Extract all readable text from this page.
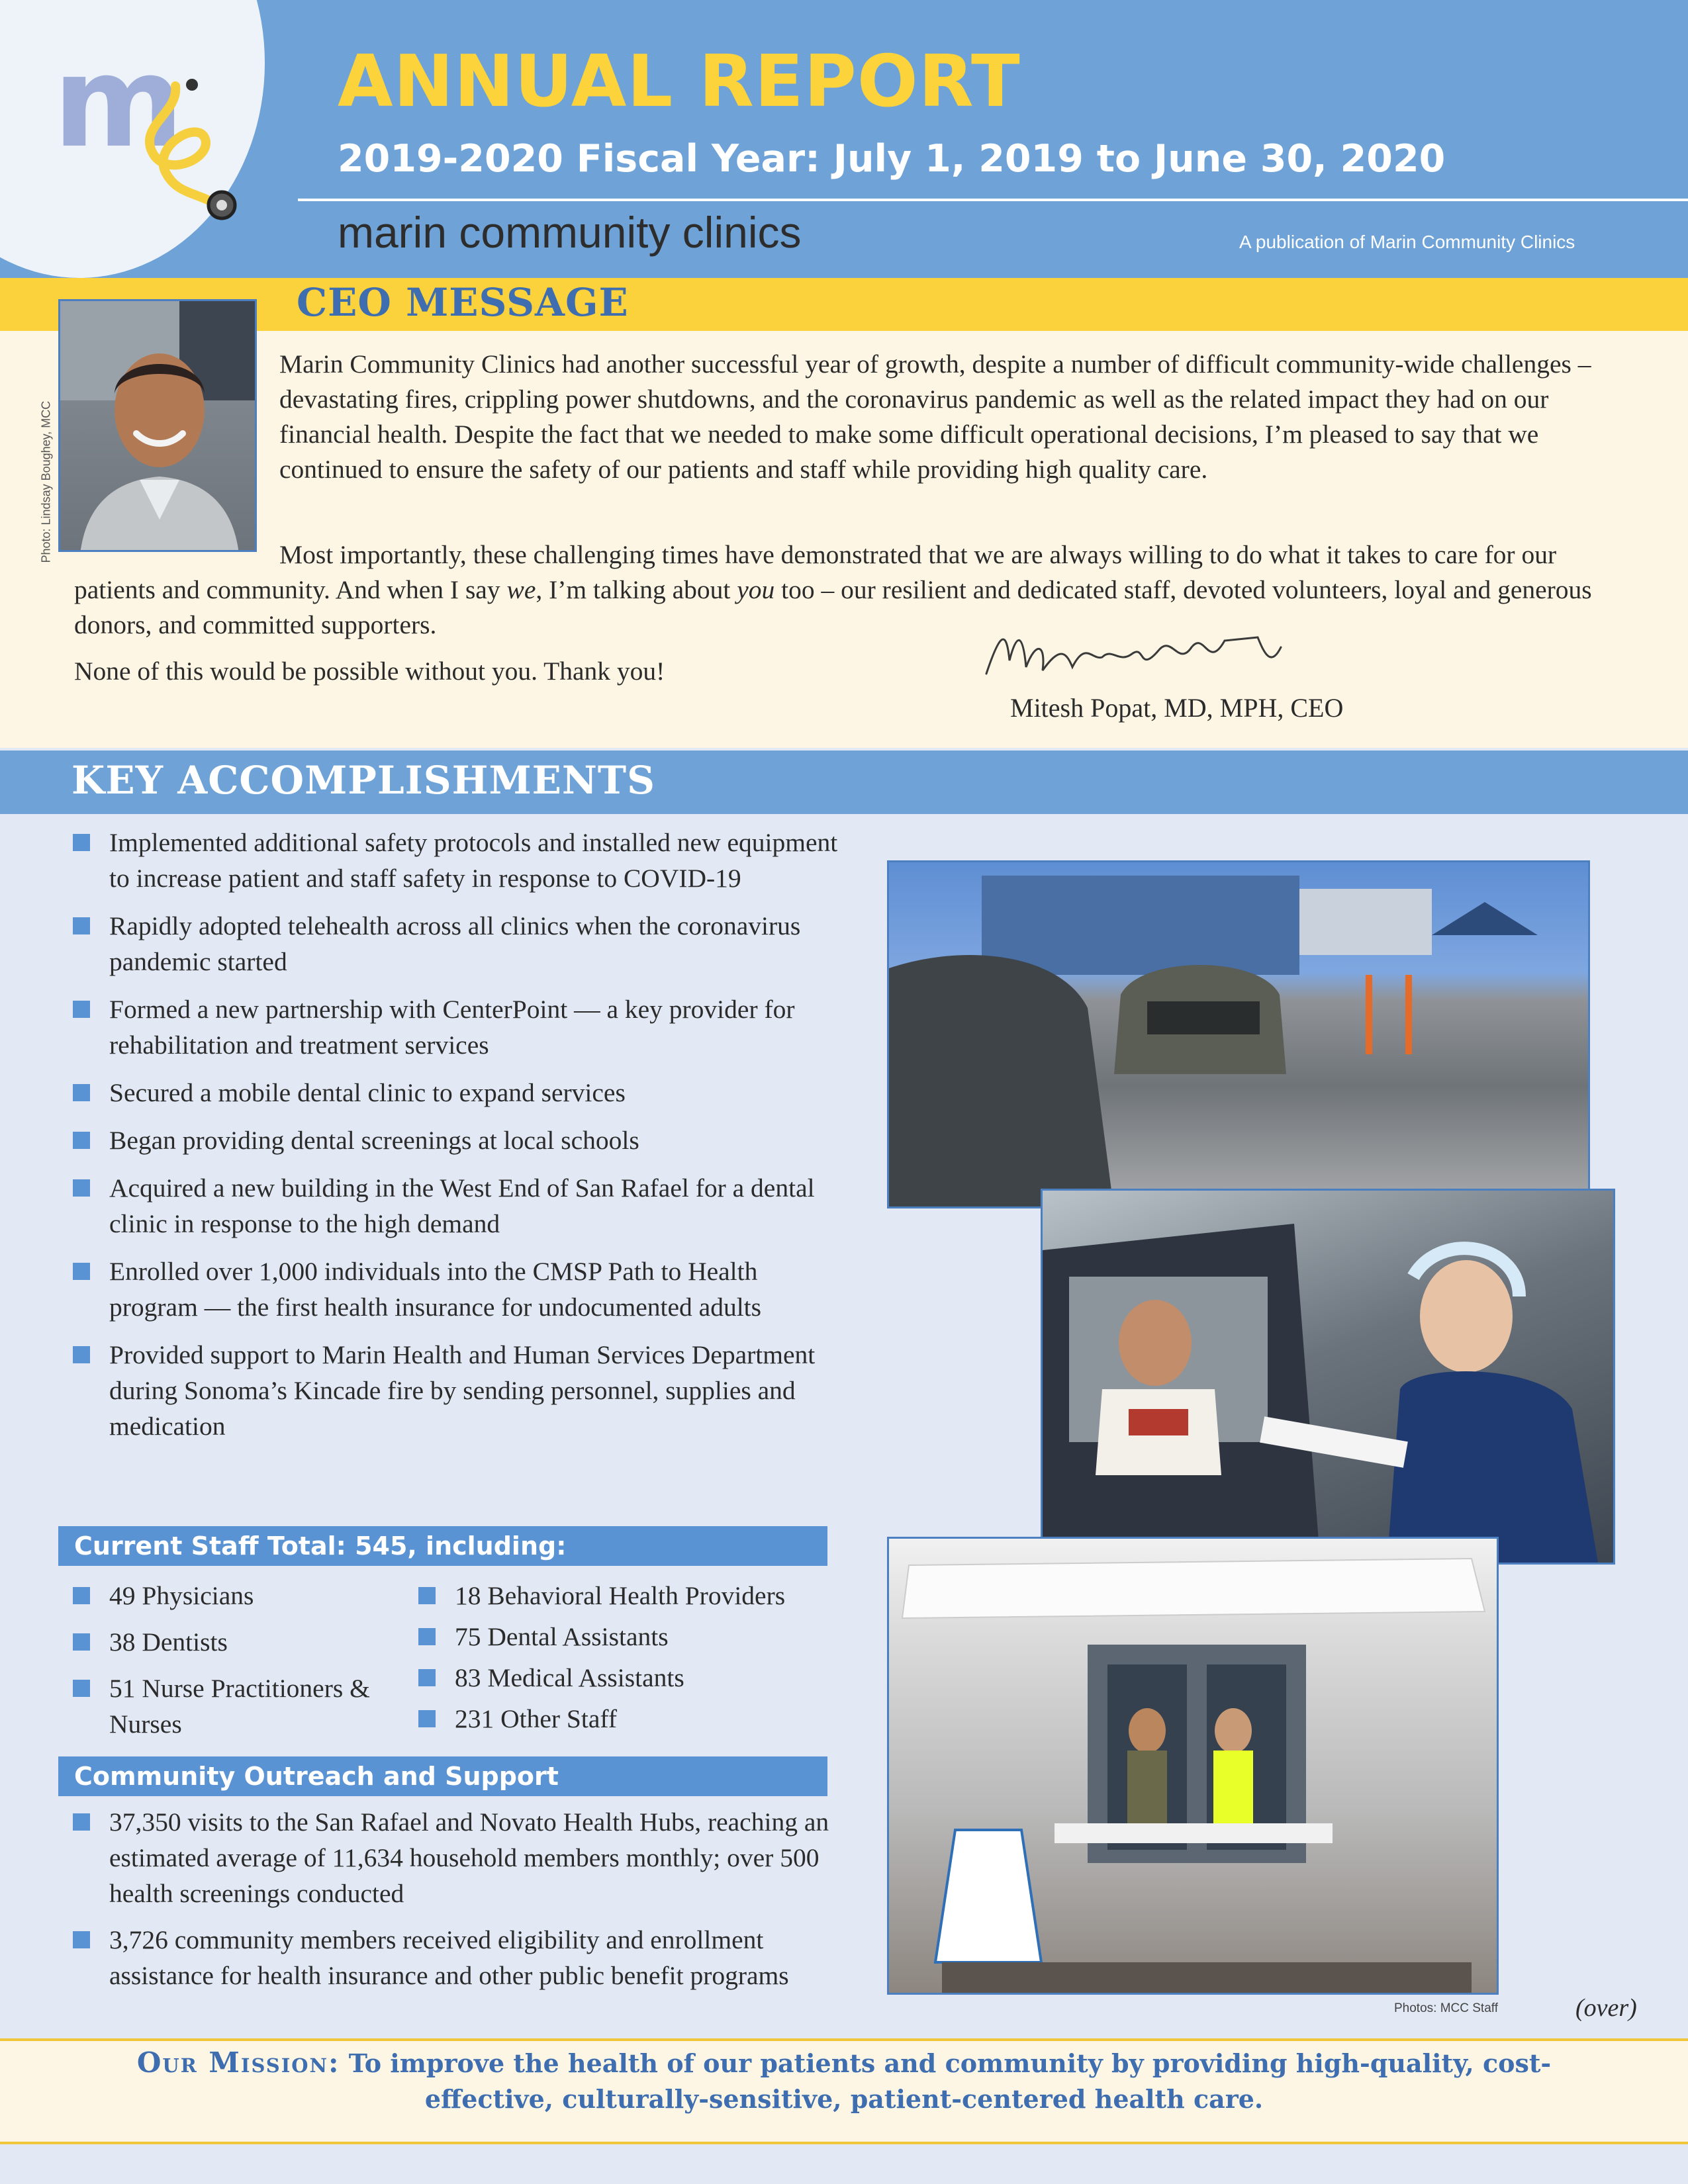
m ANNUAL REPORT
2019-2020 Fiscal Year: July 1, 2019 to June 30, 2020
marin community clinics	A publication of Marin Community Clinics
CEO MESSAGE
Photo: Lindsay Boughey, MCC

Marin Community Clinics had another successful year of growth, despite a number of difficult community-wide challenges – devastating fires, crippling power shutdowns, and the coronavirus pandemic as well as the related impact they had on our financial health. Despite the fact that we needed to make some difficult operational decisions, I’m pleased to say that we continued to ensure the safety of our patients and staff while providing high quality care.

Most importantly, these challenging times have demonstrated that we are always willing to do what it takes to care for our patients and community. And when I say we, I’m talking about you too – our resilient and dedicated staff, devoted volunteers, loyal and generous donors, and committed supporters.

None of this would be possible without you. Thank you!

Mitesh Popat, MD, MPH, CEO
KEY ACCOMPLISHMENTS
Implemented additional safety protocols and installed new equipment to increase patient and staff safety in response to COVID-19
Rapidly adopted telehealth across all clinics when the coronavirus pandemic started
Formed a new partnership with CenterPoint — a key provider for rehabilitation and treatment services
Secured a mobile dental clinic to expand services
Began providing dental screenings at local schools
Acquired a new building in the West End of San Rafael for a dental clinic in response to the high demand
Enrolled over 1,000 individuals into the CMSP Path to Health program — the first health insurance for undocumented adults
Provided support to Marin Health and Human Services Department during Sonoma’s Kincade fire by sending personnel, supplies and medication
Current Staff Total: 545, including:
49 Physicians
38 Dentists
51 Nurse Practitioners & Nurses
18 Behavioral Health Providers
75 Dental Assistants
83 Medical Assistants
231 Other Staff
Community Outreach and Support
37,350 visits to the San Rafael and Novato Health Hubs, reaching an estimated average of 11,634 household members monthly; over 500 health screenings conducted
3,726 community members received eligibility and enrollment assistance for health insurance and other public benefit programs
Photos: MCC Staff	(over)
Our Mission: To improve the health of our patients and community by providing high-quality, cost-effective, culturally-sensitive, patient-centered health care.
